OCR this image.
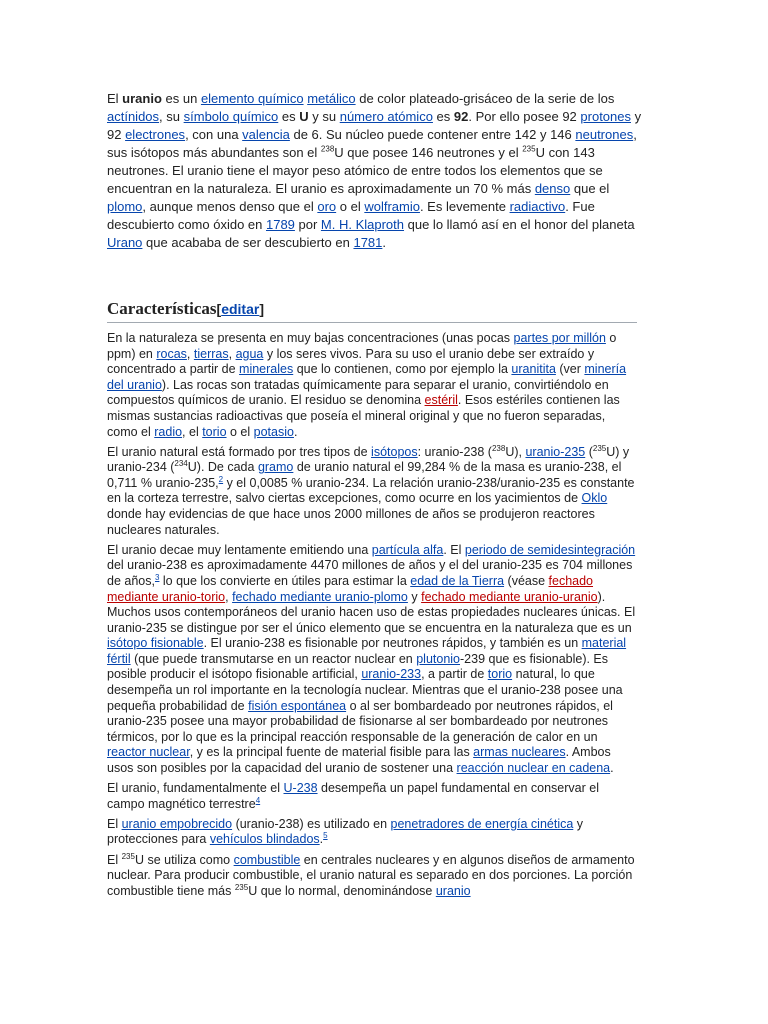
El uranio es un elemento químico metálico de color plateado-grisáceo de la serie de los actínidos, su símbolo químico es U y su número atómico es 92. Por ello posee 92 protones y 92 electrones, con una valencia de 6. Su núcleo puede contener entre 142 y 146 neutrones, sus isótopos más abundantes son el $^{238}$U que posee 146 neutrones y el $^{235}$U con 143 neutrones. El uranio tiene el mayor peso atómico de entre todos los elementos que se encuentran en la naturaleza. El uranio es aproximadamente un 70 % más denso que el plomo, aunque menos denso que el oro o el wolframio. Es levemente radiactivo. Fue descubierto como óxido en 1789 por M. H. Klaproth que lo llamó así en el honor del planeta Urano que acababa de ser descubierto en 1781.

Características[editar]

En la naturaleza se presenta en muy bajas concentraciones (unas pocas partes por millón o ppm) en rocas, tierras, agua y los seres vivos. Para su uso el uranio debe ser extraído y concentrado a partir de minerales que lo contienen, como por ejemplo la uranitita (ver minería del uranio). Las rocas son tratadas químicamente para separar el uranio, convirtiéndolo en compuestos químicos de uranio. El residuo se denomina estéril. Esos estériles contienen las mismas sustancias radioactivas que poseía el mineral original y que no fueron separadas, como el radio, el torio o el potasio.

El uranio natural está formado por tres tipos de isótopos: uranio-238 ($^{238}$U), uranio-235 ($^{235}$U) y uranio-234 ($^{234}$U). De cada gramo de uranio natural el 99,284 % de la masa es uranio-238, el 0,711 % uranio-235,$^2$ y el 0,0085 % uranio-234. La relación uranio-238/uranio-235 es constante en la corteza terrestre, salvo ciertas excepciones, como ocurre en los yacimientos de Oklo donde hay evidencias de que hace unos 2000 millones de años se produjeron reactores nucleares naturales.

El uranio decae muy lentamente emitiendo una partícula alfa. El periodo de semidesintegración del uranio-238 es aproximadamente 4470 millones de años y el del uranio-235 es 704 millones de años,$^3$ lo que los convierte en útiles para estimar la edad de la Tierra (véase fechado mediante uranio-torio, fechado mediante uranio-plomo y fechado mediante uranio-uranio). Muchos usos contemporáneos del uranio hacen uso de estas propiedades nucleares únicas. El uranio-235 se distingue por ser el único elemento que se encuentra en la naturaleza que es un isótopo fisionable. El uranio-238 es fisionable por neutrones rápidos, y también es un material fértil (que puede transmutarse en un reactor nuclear en plutonio-239 que es fisionable). Es posible producir el isótopo fisionable artificial, uranio-233, a partir de torio natural, lo que desempeña un rol importante en la tecnología nuclear. Mientras que el uranio-238 posee una pequeña probabilidad de fisión espontánea o al ser bombardeado por neutrones rápidos, el uranio-235 posee una mayor probabilidad de fisionarse al ser bombardeado por neutrones térmicos, por lo que es la principal reacción responsable de la generación de calor en un reactor nuclear, y es la principal fuente de material fisible para las armas nucleares. Ambos usos son posibles por la capacidad del uranio de sostener una reacción nuclear en cadena.

El uranio, fundamentalmente el U-238 desempeña un papel fundamental en conservar el campo magnético terrestre$^4$

El uranio empobrecido (uranio-238) es utilizado en penetradores de energía cinética y protecciones para vehículos blindados.$^5$

El $^{235}$U se utiliza como combustible en centrales nucleares y en algunos diseños de armamento nuclear. Para producir combustible, el uranio natural es separado en dos porciones. La porción combustible tiene más $^{235}$U que lo normal, denominándose uranio
